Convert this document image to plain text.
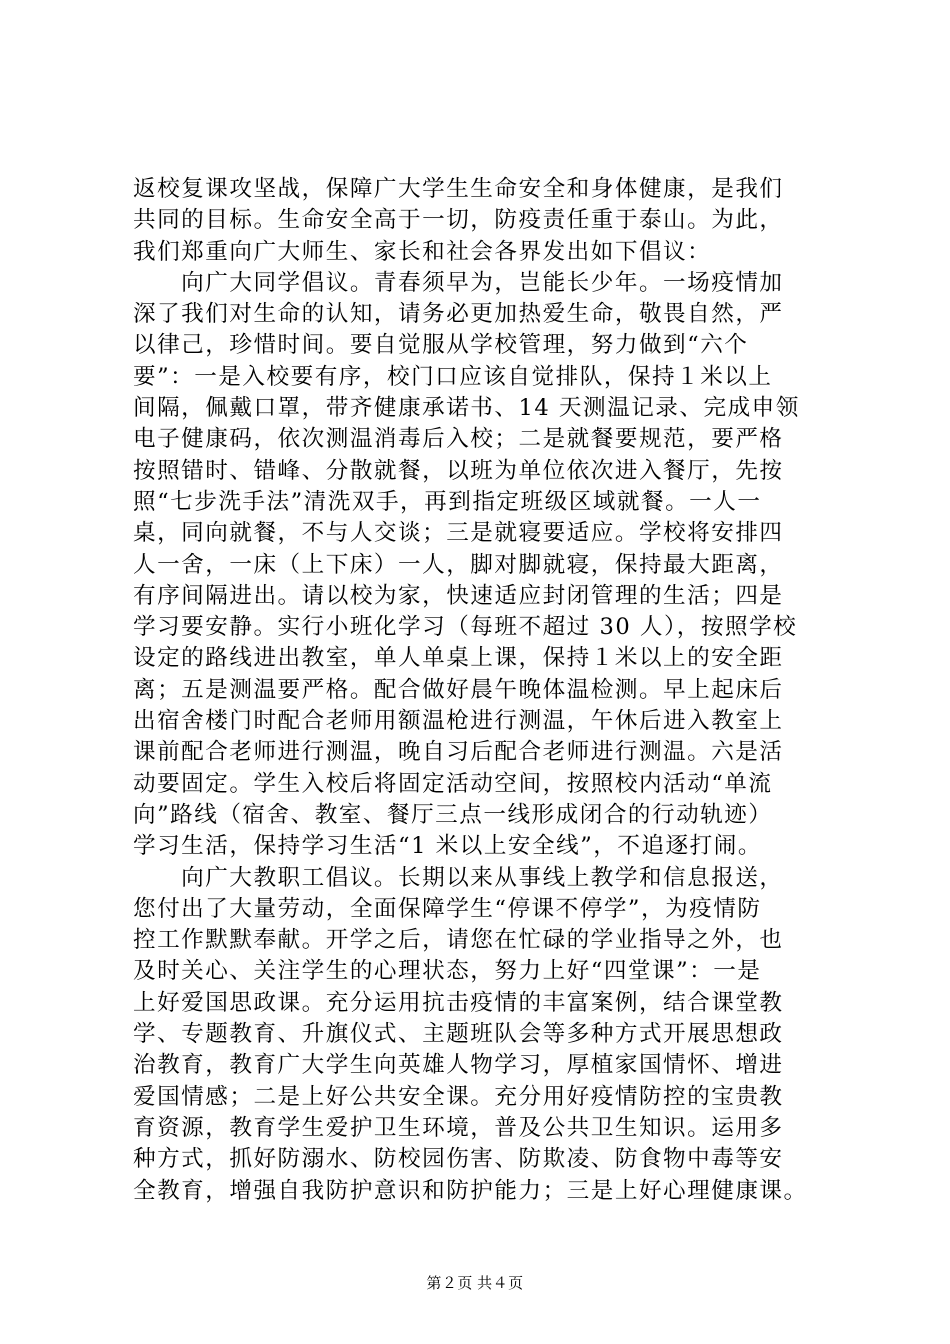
返校复课攻坚战，保障广大学生生命安全和身体健康，是我们
共同的目标。生命安全高于一切，防疫责任重于泰山。为此，
我们郑重向广大师生、家长和社会各界发出如下倡议：
　　向广大同学倡议。青春须早为，岂能长少年。一场疫情加
深了我们对生命的认知，请务必更加热爱生命，敬畏自然，严
以律己，珍惜时间。要自觉服从学校管理，努力做到“六个
要”：一是入校要有序，校门口应该自觉排队，保持１米以上
间隔，佩戴口罩，带齐健康承诺书、14 天测温记录、完成申领
电子健康码，依次测温消毒后入校；二是就餐要规范，要严格
按照错时、错峰、分散就餐，以班为单位依次进入餐厅，先按
照“七步洗手法”清洗双手，再到指定班级区域就餐。一人一
桌，同向就餐，不与人交谈；三是就寝要适应。学校将安排四
人一舍，一床（上下床）一人，脚对脚就寝，保持最大距离，
有序间隔进出。请以校为家，快速适应封闭管理的生活；四是
学习要安静。实行小班化学习（每班不超过 30 人），按照学校
设定的路线进出教室，单人单桌上课，保持１米以上的安全距
离；五是测温要严格。配合做好晨午晚体温检测。早上起床后
出宿舍楼门时配合老师用额温枪进行测温，午休后进入教室上
课前配合老师进行测温，晚自习后配合老师进行测温。六是活
动要固定。学生入校后将固定活动空间，按照校内活动“单流
向”路线（宿舍、教室、餐厅三点一线形成闭合的行动轨迹）
学习生活，保持学习生活“1 米以上安全线”，不追逐打闹。
　　向广大教职工倡议。长期以来从事线上教学和信息报送，
您付出了大量劳动，全面保障学生“停课不停学”，为疫情防
控工作默默奉献。开学之后，请您在忙碌的学业指导之外，也
及时关心、关注学生的心理状态，努力上好“四堂课”：一是
上好爱国思政课。充分运用抗击疫情的丰富案例，结合课堂教
学、专题教育、升旗仪式、主题班队会等多种方式开展思想政
治教育，教育广大学生向英雄人物学习，厚植家国情怀、增进
爱国情感；二是上好公共安全课。充分用好疫情防控的宝贵教
育资源，教育学生爱护卫生环境，普及公共卫生知识。运用多
种方式，抓好防溺水、防校园伤害、防欺凌、防食物中毒等安
全教育，增强自我防护意识和防护能力；三是上好心理健康课。
第２页 共４页
